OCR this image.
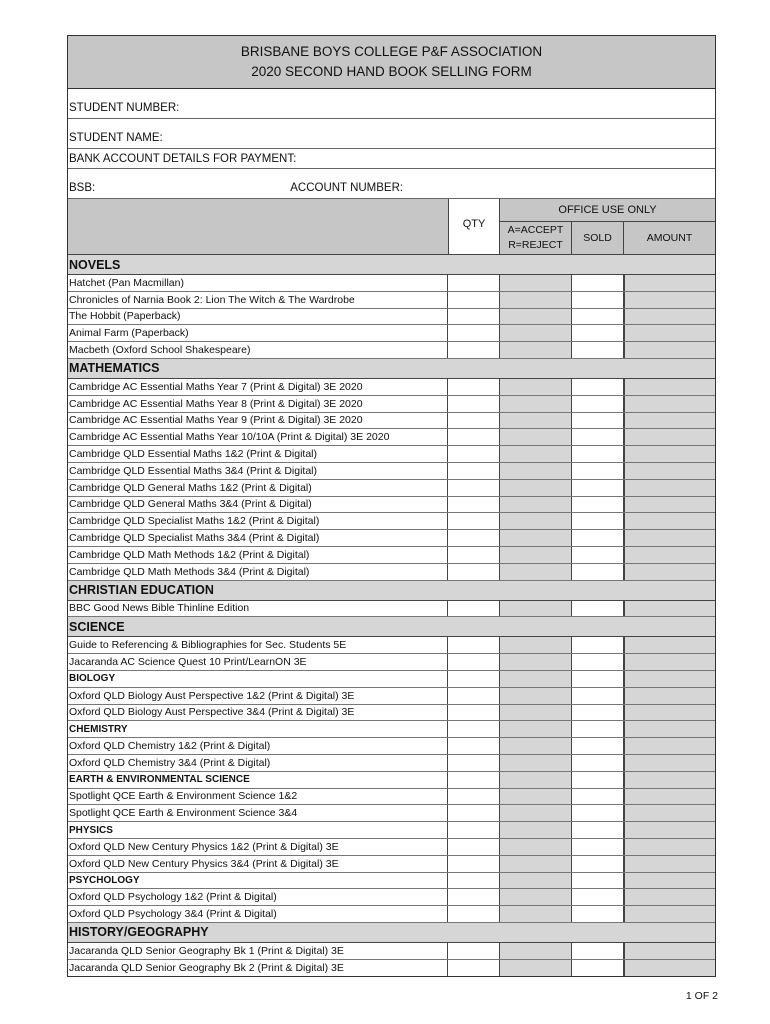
BRISBANE BOYS COLLEGE P&F ASSOCIATION
2020 SECOND HAND BOOK SELLING FORM
STUDENT NUMBER:
STUDENT NAME:
BANK ACCOUNT DETAILS FOR PAYMENT:
BSB:	ACCOUNT NUMBER:
QTY
OFFICE USE ONLY
A=ACCEPT
R=REJECT
SOLD	AMOUNT
NOVELS
Hatchet (Pan Macmillan)
Chronicles of Narnia Book 2: Lion The Witch & The Wardrobe
The Hobbit (Paperback)
Animal Farm (Paperback)
Macbeth (Oxford School Shakespeare)
MATHEMATICS
Cambridge AC Essential Maths Year 7 (Print & Digital) 3E 2020
Cambridge AC Essential Maths Year 8 (Print & Digital) 3E 2020
Cambridge AC Essential Maths Year 9 (Print & Digital) 3E 2020
Cambridge AC Essential Maths Year 10/10A (Print & Digital) 3E 2020
Cambridge QLD Essential Maths 1&2 (Print & Digital)
Cambridge QLD Essential Maths 3&4 (Print & Digital)
Cambridge QLD General Maths 1&2 (Print & Digital)
Cambridge QLD General Maths 3&4 (Print & Digital)
Cambridge QLD Specialist Maths 1&2 (Print & Digital)
Cambridge QLD Specialist Maths 3&4 (Print & Digital)
Cambridge QLD Math Methods 1&2 (Print & Digital)
Cambridge QLD Math Methods 3&4 (Print & Digital)
CHRISTIAN EDUCATION
BBC Good News Bible Thinline Edition
SCIENCE
Guide to Referencing & Bibliographies for Sec. Students 5E
Jacaranda AC Science Quest 10 Print/LearnON 3E
BIOLOGY
Oxford QLD Biology Aust Perspective 1&2 (Print & Digital) 3E
Oxford QLD Biology Aust Perspective 3&4 (Print & Digital) 3E
CHEMISTRY
Oxford QLD Chemistry 1&2 (Print & Digital)
Oxford QLD Chemistry 3&4 (Print & Digital)
EARTH & ENVIRONMENTAL SCIENCE
Spotlight QCE Earth & Environment Science 1&2
Spotlight QCE Earth & Environment Science 3&4
PHYSICS
Oxford QLD New Century Physics 1&2 (Print & Digital) 3E
Oxford QLD New Century Physics 3&4 (Print & Digital) 3E
PSYCHOLOGY
Oxford QLD Psychology 1&2 (Print & Digital)
Oxford QLD Psychology 3&4 (Print & Digital)
HISTORY/GEOGRAPHY
Jacaranda QLD Senior Geography Bk 1 (Print & Digital) 3E
Jacaranda QLD Senior Geography Bk 2 (Print & Digital) 3E
1 OF 2
